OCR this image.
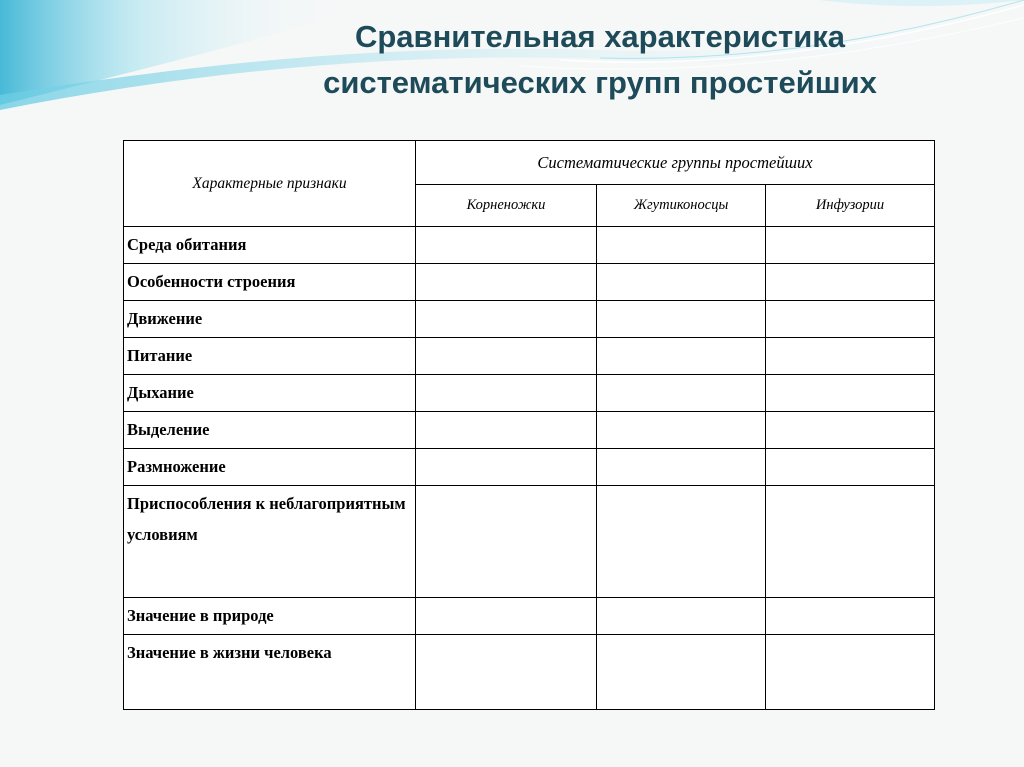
Сравнительная характеристика
систематических групп простейших
Характерные признаки	Систематические группы простейших		
	Корненожки	Жгутиконосцы	Инфузории
Среда обитания			
Особенности строения			
Движение			
Питание			
Дыхание			
Выделение			
Размножение			
Приспособления к неблагоприятным условиям			
Значение в природе			
Значение в жизни человека			
